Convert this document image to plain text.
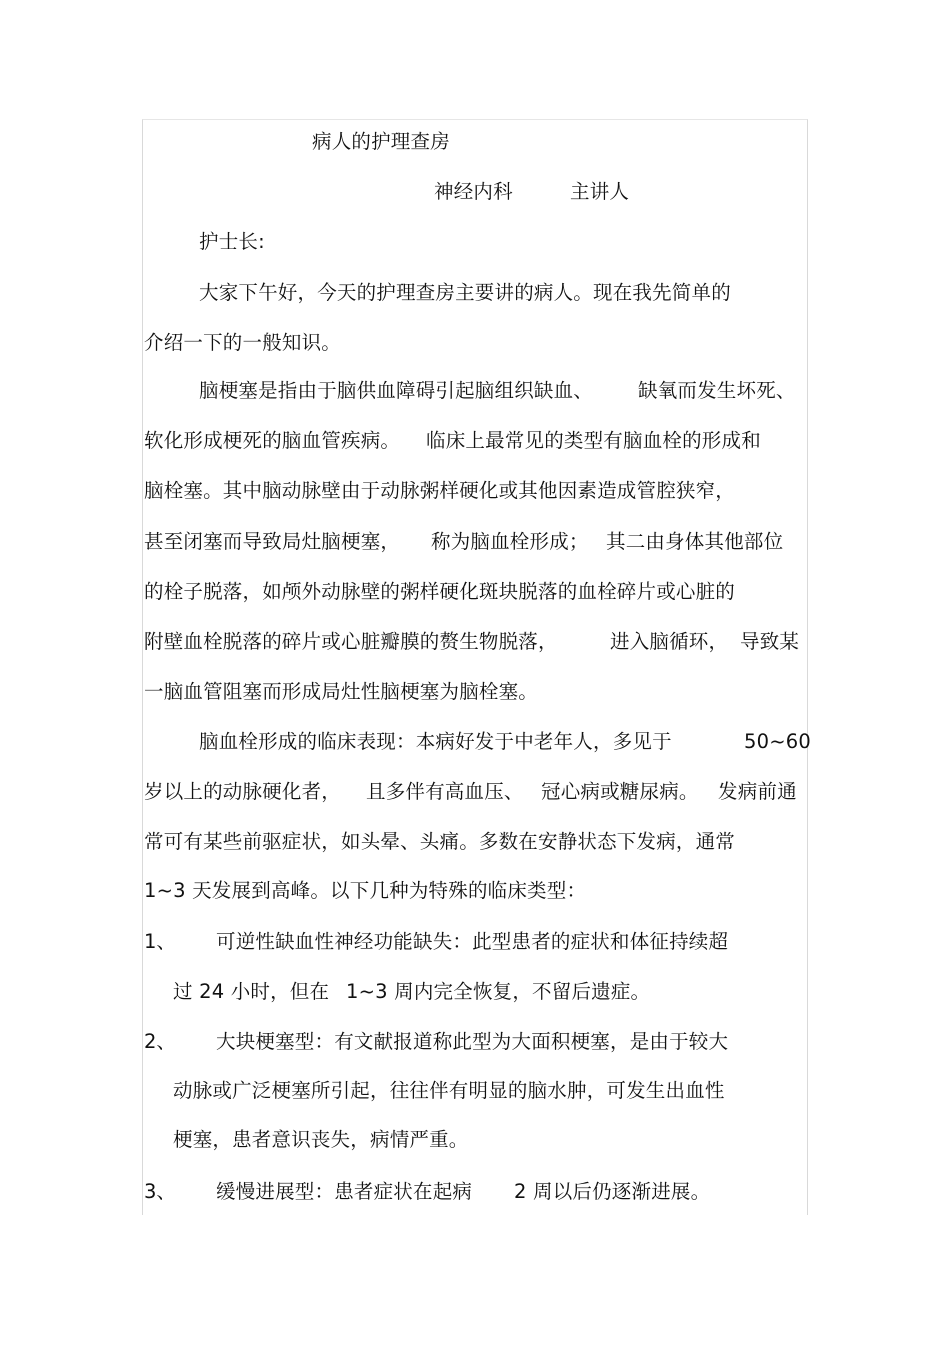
病人的护理查房
神经内科	主讲人
护士长:
大家下午好，今天的护理查房主要讲的病人。现在我先简单的
介绍一下的一般知识。
脑梗塞是指由于脑供血障碍引起脑组织缺血、 缺氧而发生坏死、
软化形成梗死的脑血管疾病。 临床上最常见的类型有脑血栓的形成和
脑栓塞。其中脑动脉壁由于动脉粥样硬化或其他因素造成管腔狭窄，
甚至闭塞而导致局灶脑梗塞， 称为脑血栓形成； 其二由身体其他部位
的栓子脱落，如颅外动脉壁的粥样硬化斑块脱落的血栓碎片或心脏的
附壁血栓脱落的碎片或心脏瓣膜的赘生物脱落，	进入脑循环， 导致某
一脑血管阻塞而形成局灶性脑梗塞为脑栓塞。
脑血栓形成的临床表现：本病好发于中老年人，多见于	50~60
岁以上的动脉硬化者， 且多伴有高血压、 冠心病或糖尿病。 发病前通
常可有某些前驱症状，如头晕、头痛。多数在安静状态下发病，通常
1~3 天发展到高峰。以下几种为特殊的临床类型：
1、 可逆性缺血性神经功能缺失：此型患者的症状和体征持续超
过 24 小时，但在 1~3 周内完全恢复，不留后遗症。
2、 大块梗塞型：有文献报道称此型为大面积梗塞，是由于较大
动脉或广泛梗塞所引起，往往伴有明显的脑水肿，可发生出血性
梗塞，患者意识丧失，病情严重。
3、 缓慢进展型：患者症状在起病 2 周以后仍逐渐进展。
